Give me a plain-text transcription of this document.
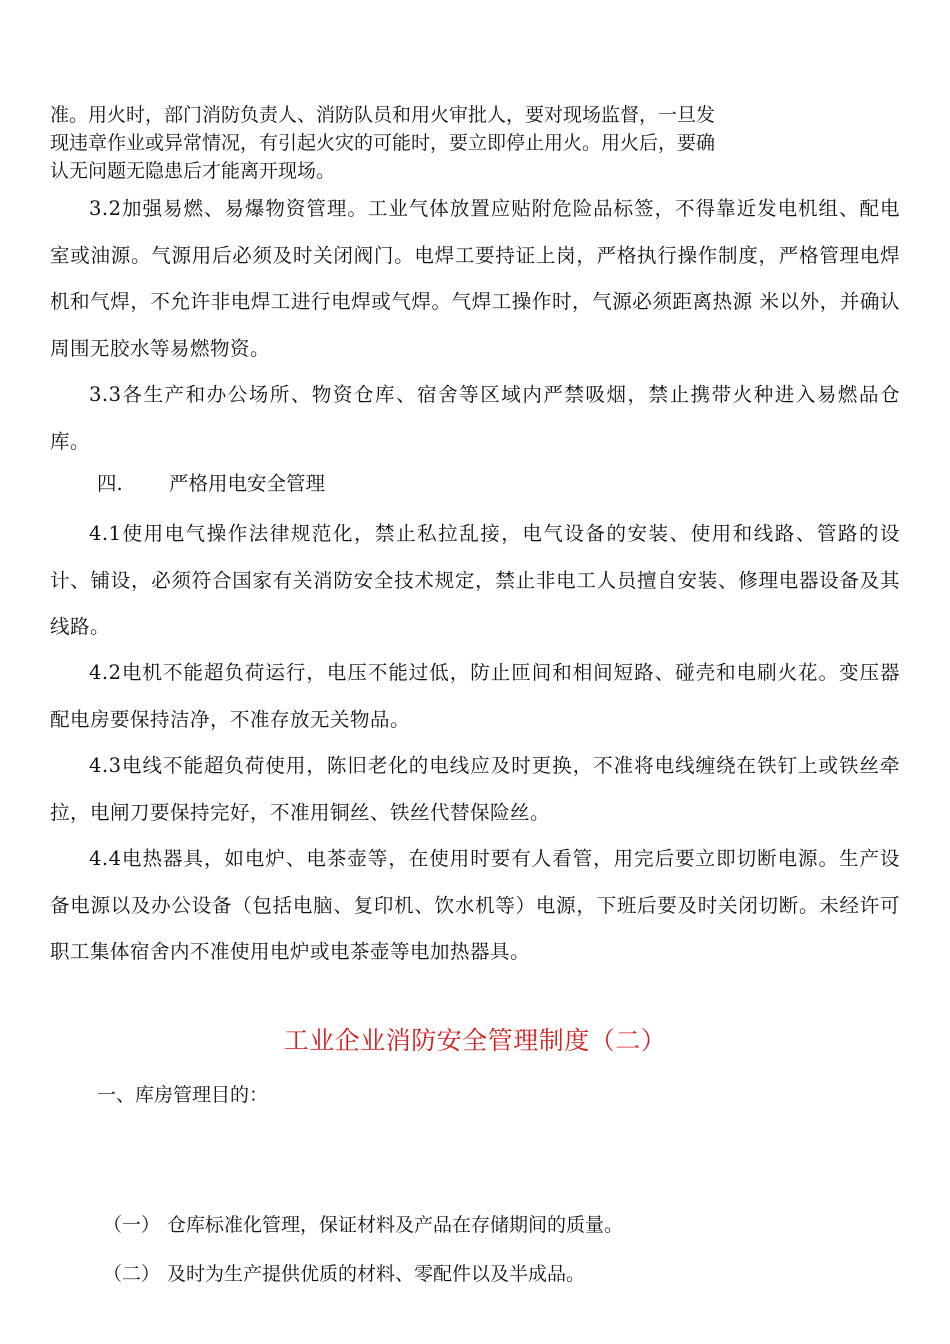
准。用火时，部门消防负责人、消防队员和用火审批人，要对现场监督，一旦发
现违章作业或异常情况，有引起火灾的可能时，要立即停止用火。用火后，要确
认无问题无隐患后才能离开现场。

3.2加强易燃、易爆物资管理。工业气体放置应贴附危险品标签，不得靠近发电机组、配电室或油源。气源用后必须及时关闭阀门。电焊工要持证上岗，严格执行操作制度，严格管理电焊机和气焊，不允许非电焊工进行电焊或气焊。气焊工操作时，气源必须距离热源 米以外，并确认周围无胶水等易燃物资。

3.3各生产和办公场所、物资仓库、宿舍等区域内严禁吸烟，禁止携带火种进入易燃品仓库。

四. 严格用电安全管理

4.1使用电气操作法律规范化，禁止私拉乱接，电气设备的安装、使用和线路、管路的设计、铺设，必须符合国家有关消防安全技术规定，禁止非电工人员擅自安装、修理电器设备及其线路。

4.2电机不能超负荷运行，电压不能过低，防止匝间和相间短路、碰壳和电刷火花。变压器配电房要保持洁净，不准存放无关物品。

4.3电线不能超负荷使用，陈旧老化的电线应及时更换，不准将电线缠绕在铁钉上或铁丝牵拉，电闸刀要保持完好，不准用铜丝、铁丝代替保险丝。

4.4电热器具，如电炉、电茶壶等，在使用时要有人看管，用完后要立即切断电源。生产设备电源以及办公设备（包括电脑、复印机、饮水机等）电源，下班后要及时关闭切断。未经许可职工集体宿舍内不准使用电炉或电茶壶等电加热器具。

工业企业消防安全管理制度（二）

一、库房管理目的：

（一） 仓库标准化管理，保证材料及产品在存储期间的质量。

（二） 及时为生产提供优质的材料、零配件以及半成品。
